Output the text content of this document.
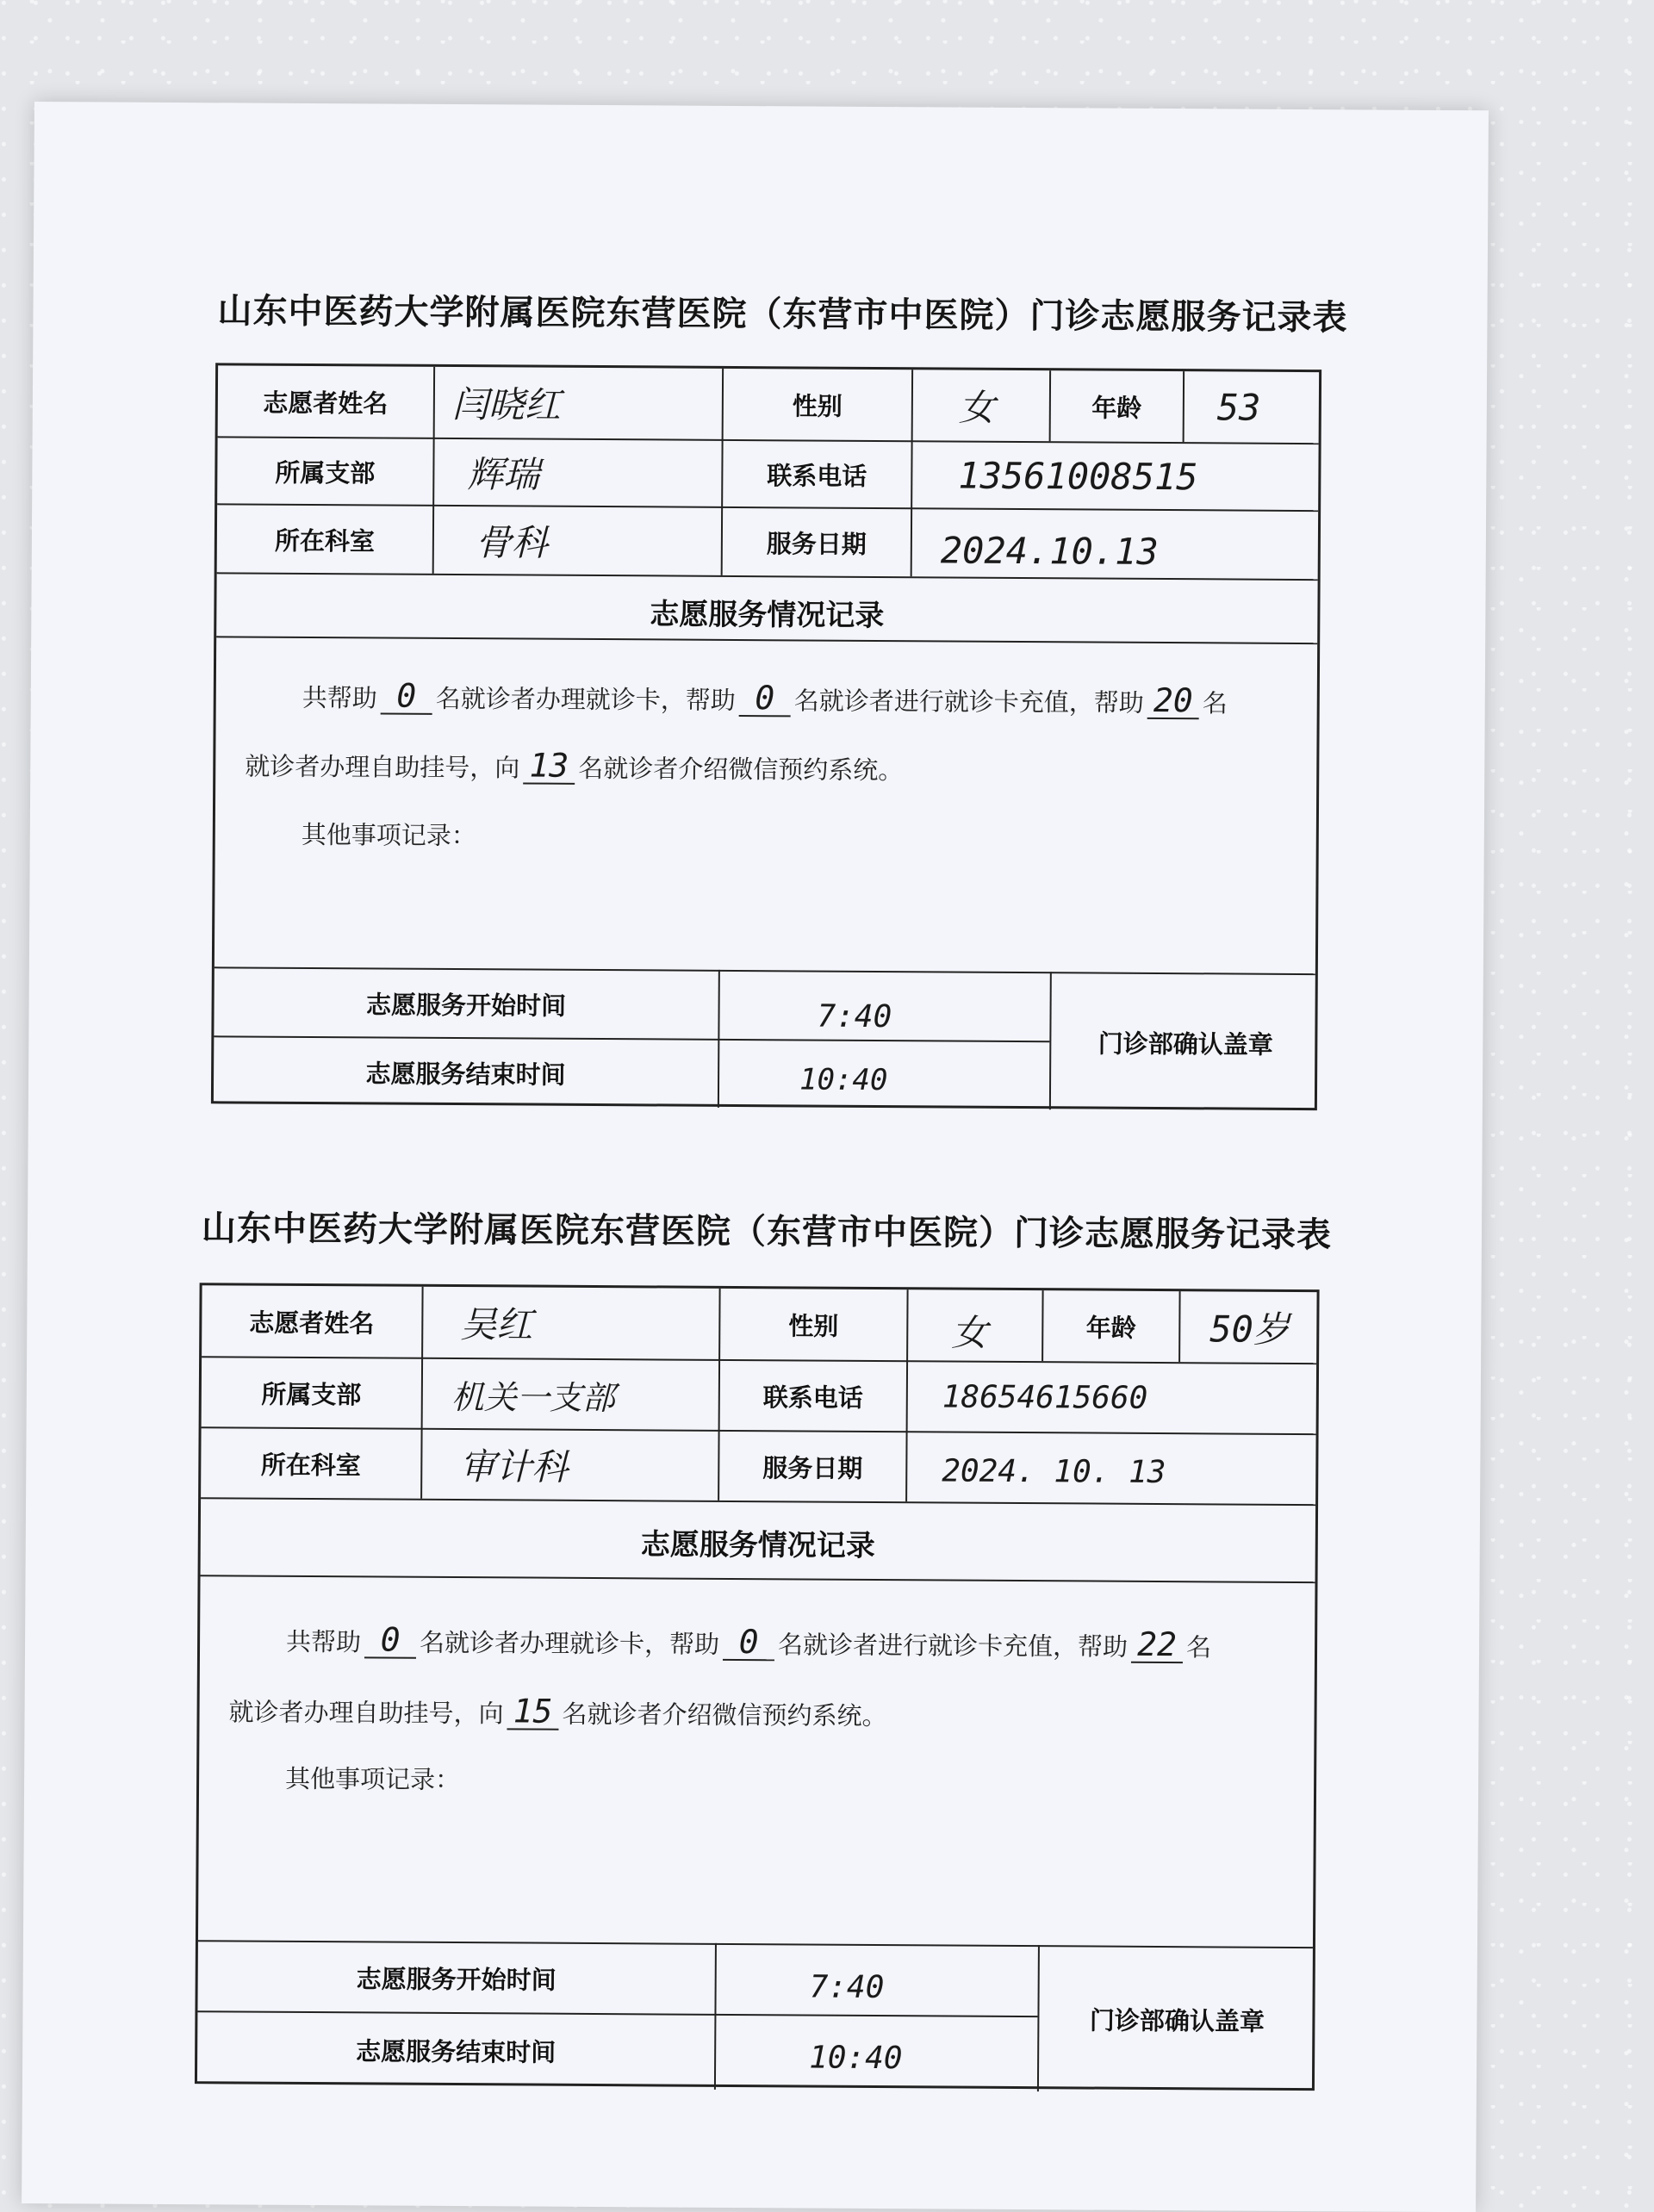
山东中医药大学附属医院东营医院（东营市中医院）门诊志愿服务记录表
志愿者姓名	闫晓红	性别	女	年龄	53
所属支部	辉瑞	联系电话	13561008515
所在科室	骨科	服务日期	2024.10.13
志愿服务情况记录
共帮助 0 名就诊者办理就诊卡，帮助 0 名就诊者进行就诊卡充值，帮助 20 名
就诊者办理自助挂号，向 13 名就诊者介绍微信预约系统。
其他事项记录：
志愿服务开始时间	7:40
志愿服务结束时间	10:40
门诊部确认盖章
山东中医药大学附属医院东营医院（东营市中医院）门诊志愿服务记录表
志愿者姓名	吴红	性别	女	年龄	50岁
所属支部	机关一支部	联系电话	18654615660
所在科室	审计科	服务日期	2024. 10. 13
志愿服务情况记录
共帮助 0 名就诊者办理就诊卡，帮助 0 名就诊者进行就诊卡充值，帮助 22 名
就诊者办理自助挂号，向 15 名就诊者介绍微信预约系统。
其他事项记录：
志愿服务开始时间	7:40
志愿服务结束时间	10:40
门诊部确认盖章
